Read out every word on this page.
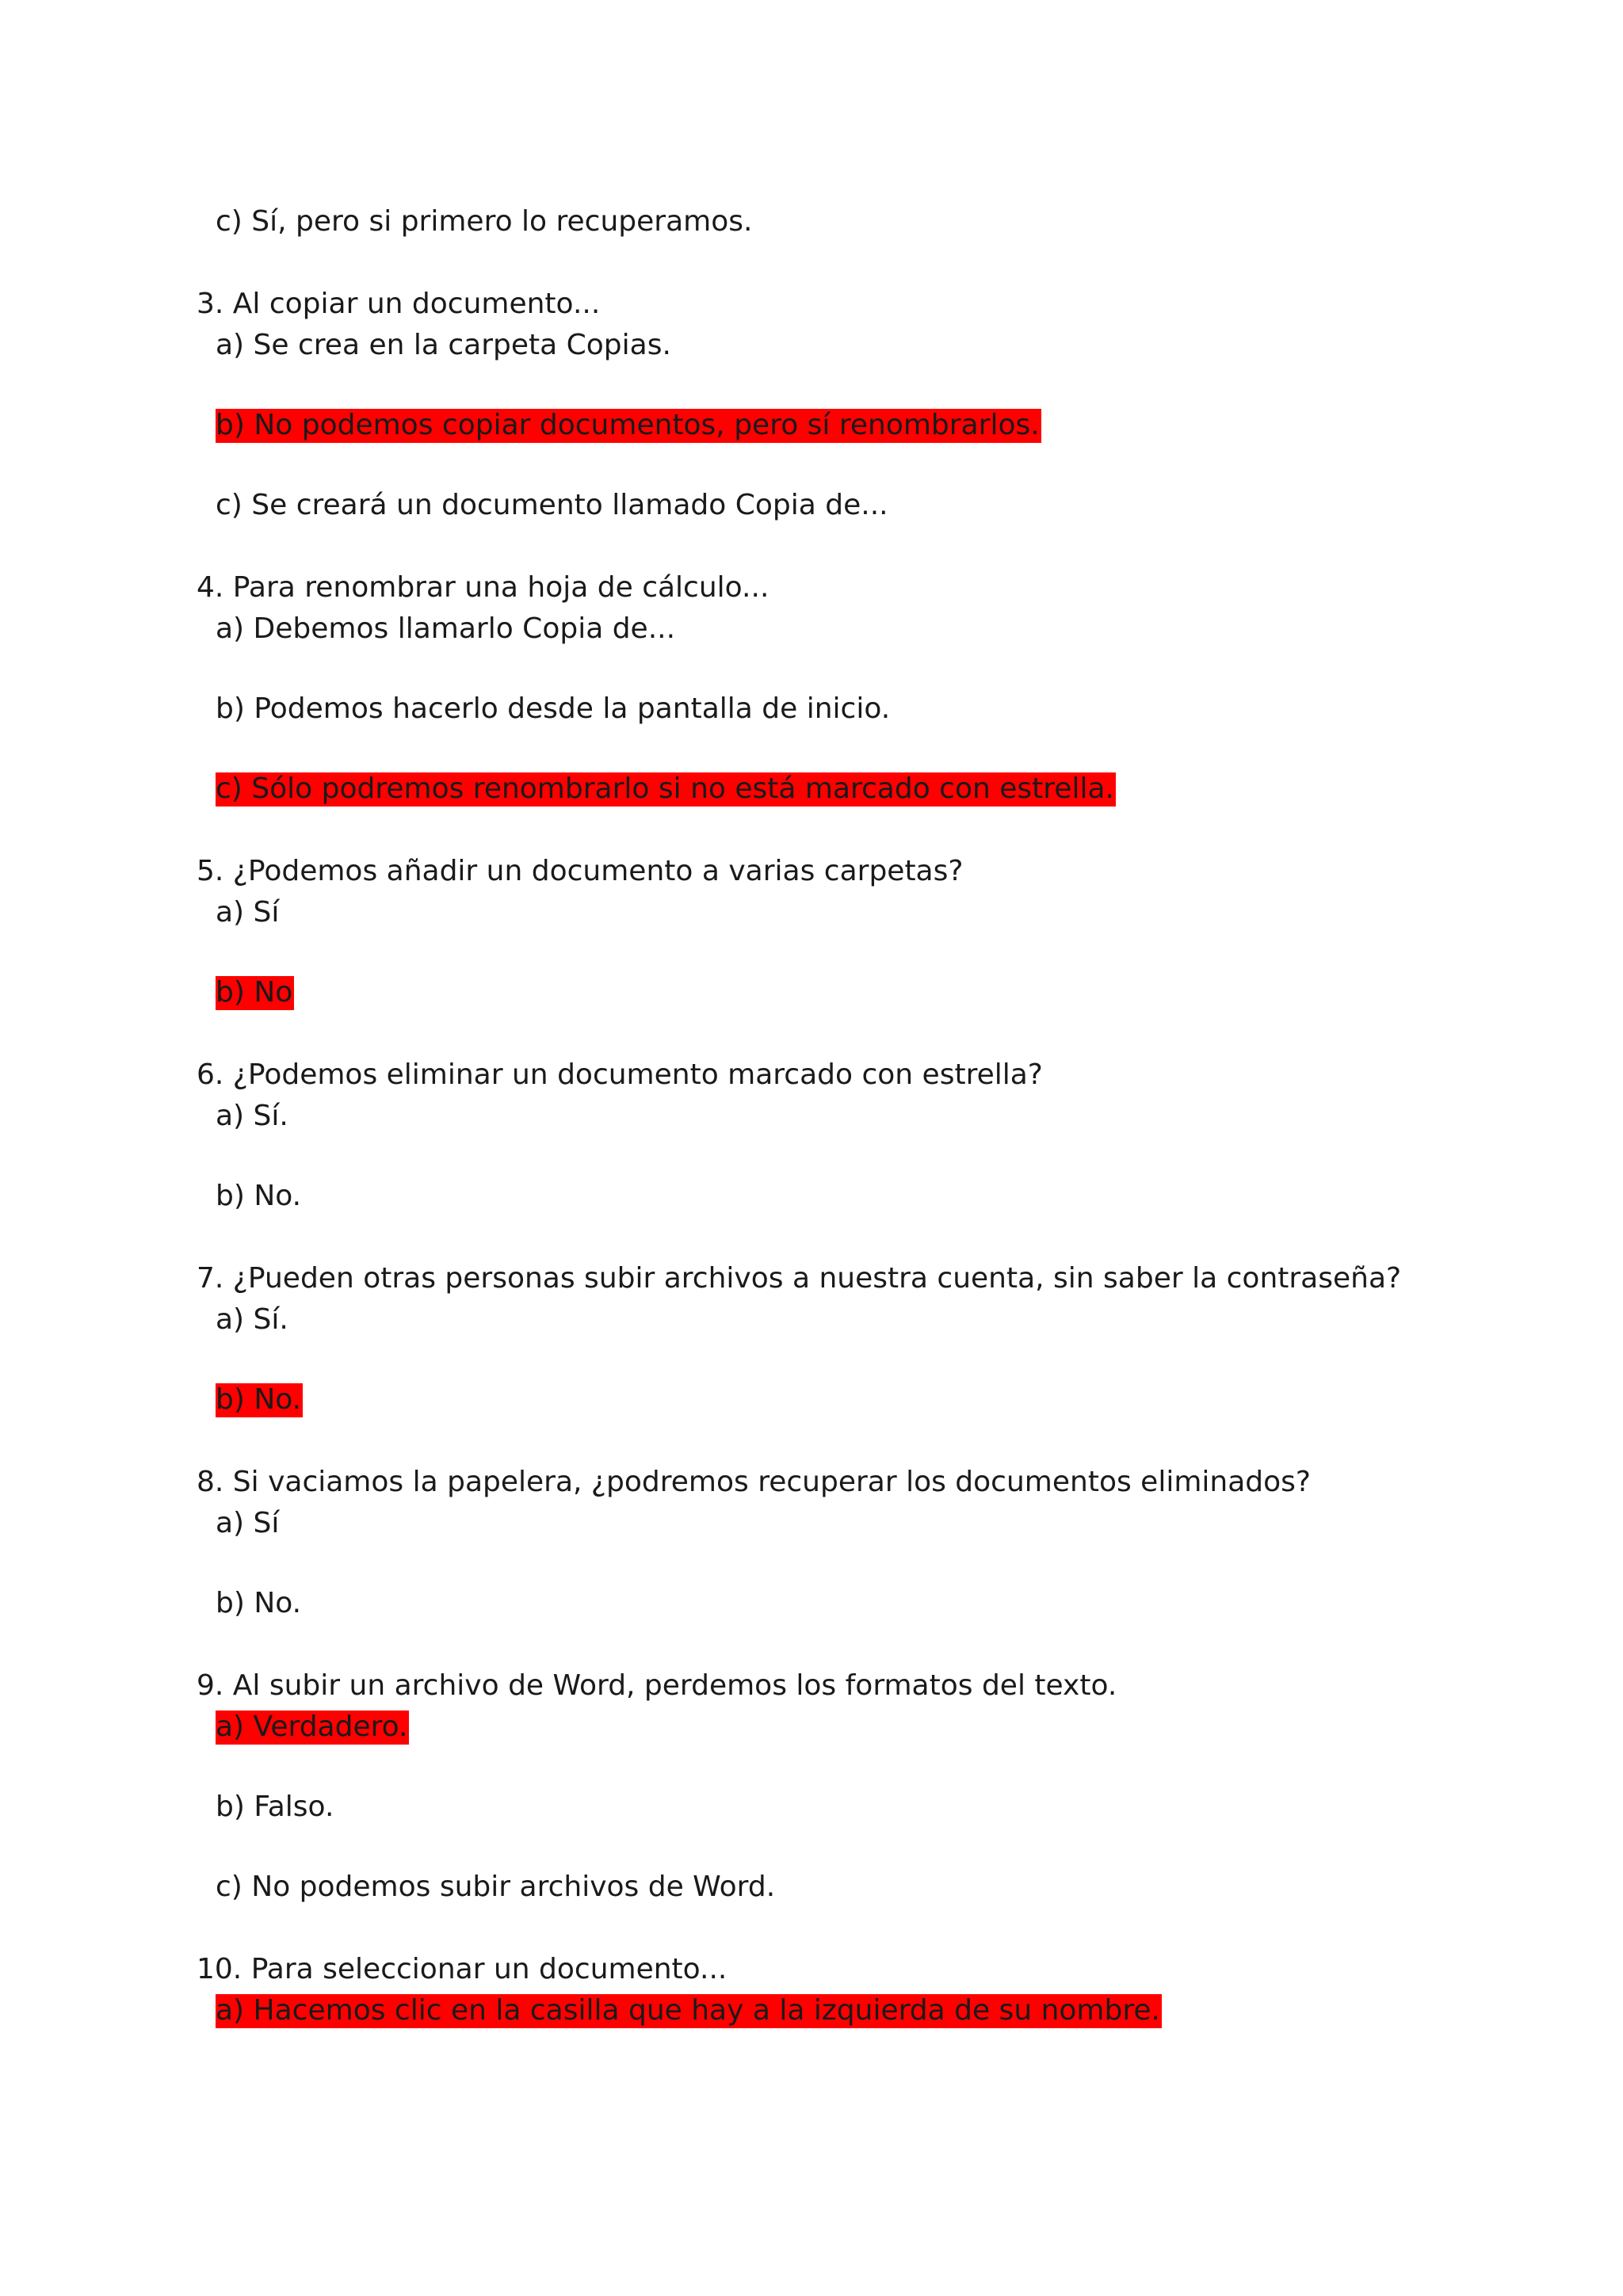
c) Sí, pero si primero lo recuperamos.
3. Al copiar un documento...
a) Se crea en la carpeta Copias.
b) No podemos copiar documentos, pero sí renombrarlos.
c) Se creará un documento llamado Copia de...
4. Para renombrar una hoja de cálculo...
a) Debemos llamarlo Copia de...
b) Podemos hacerlo desde la pantalla de inicio.
c) Sólo podremos renombrarlo si no está marcado con estrella.
5. ¿Podemos añadir un documento a varias carpetas?
a) Sí
b) No
6. ¿Podemos eliminar un documento marcado con estrella?
a) Sí.
b) No.
7. ¿Pueden otras personas subir archivos a nuestra cuenta, sin saber la contraseña?
a) Sí.
b) No.
8. Si vaciamos la papelera, ¿podremos recuperar los documentos eliminados?
a) Sí
b) No.
9. Al subir un archivo de Word, perdemos los formatos del texto.
a) Verdadero.
b) Falso.
c) No podemos subir archivos de Word.
10. Para seleccionar un documento...
a) Hacemos clic en la casilla que hay a la izquierda de su nombre.
